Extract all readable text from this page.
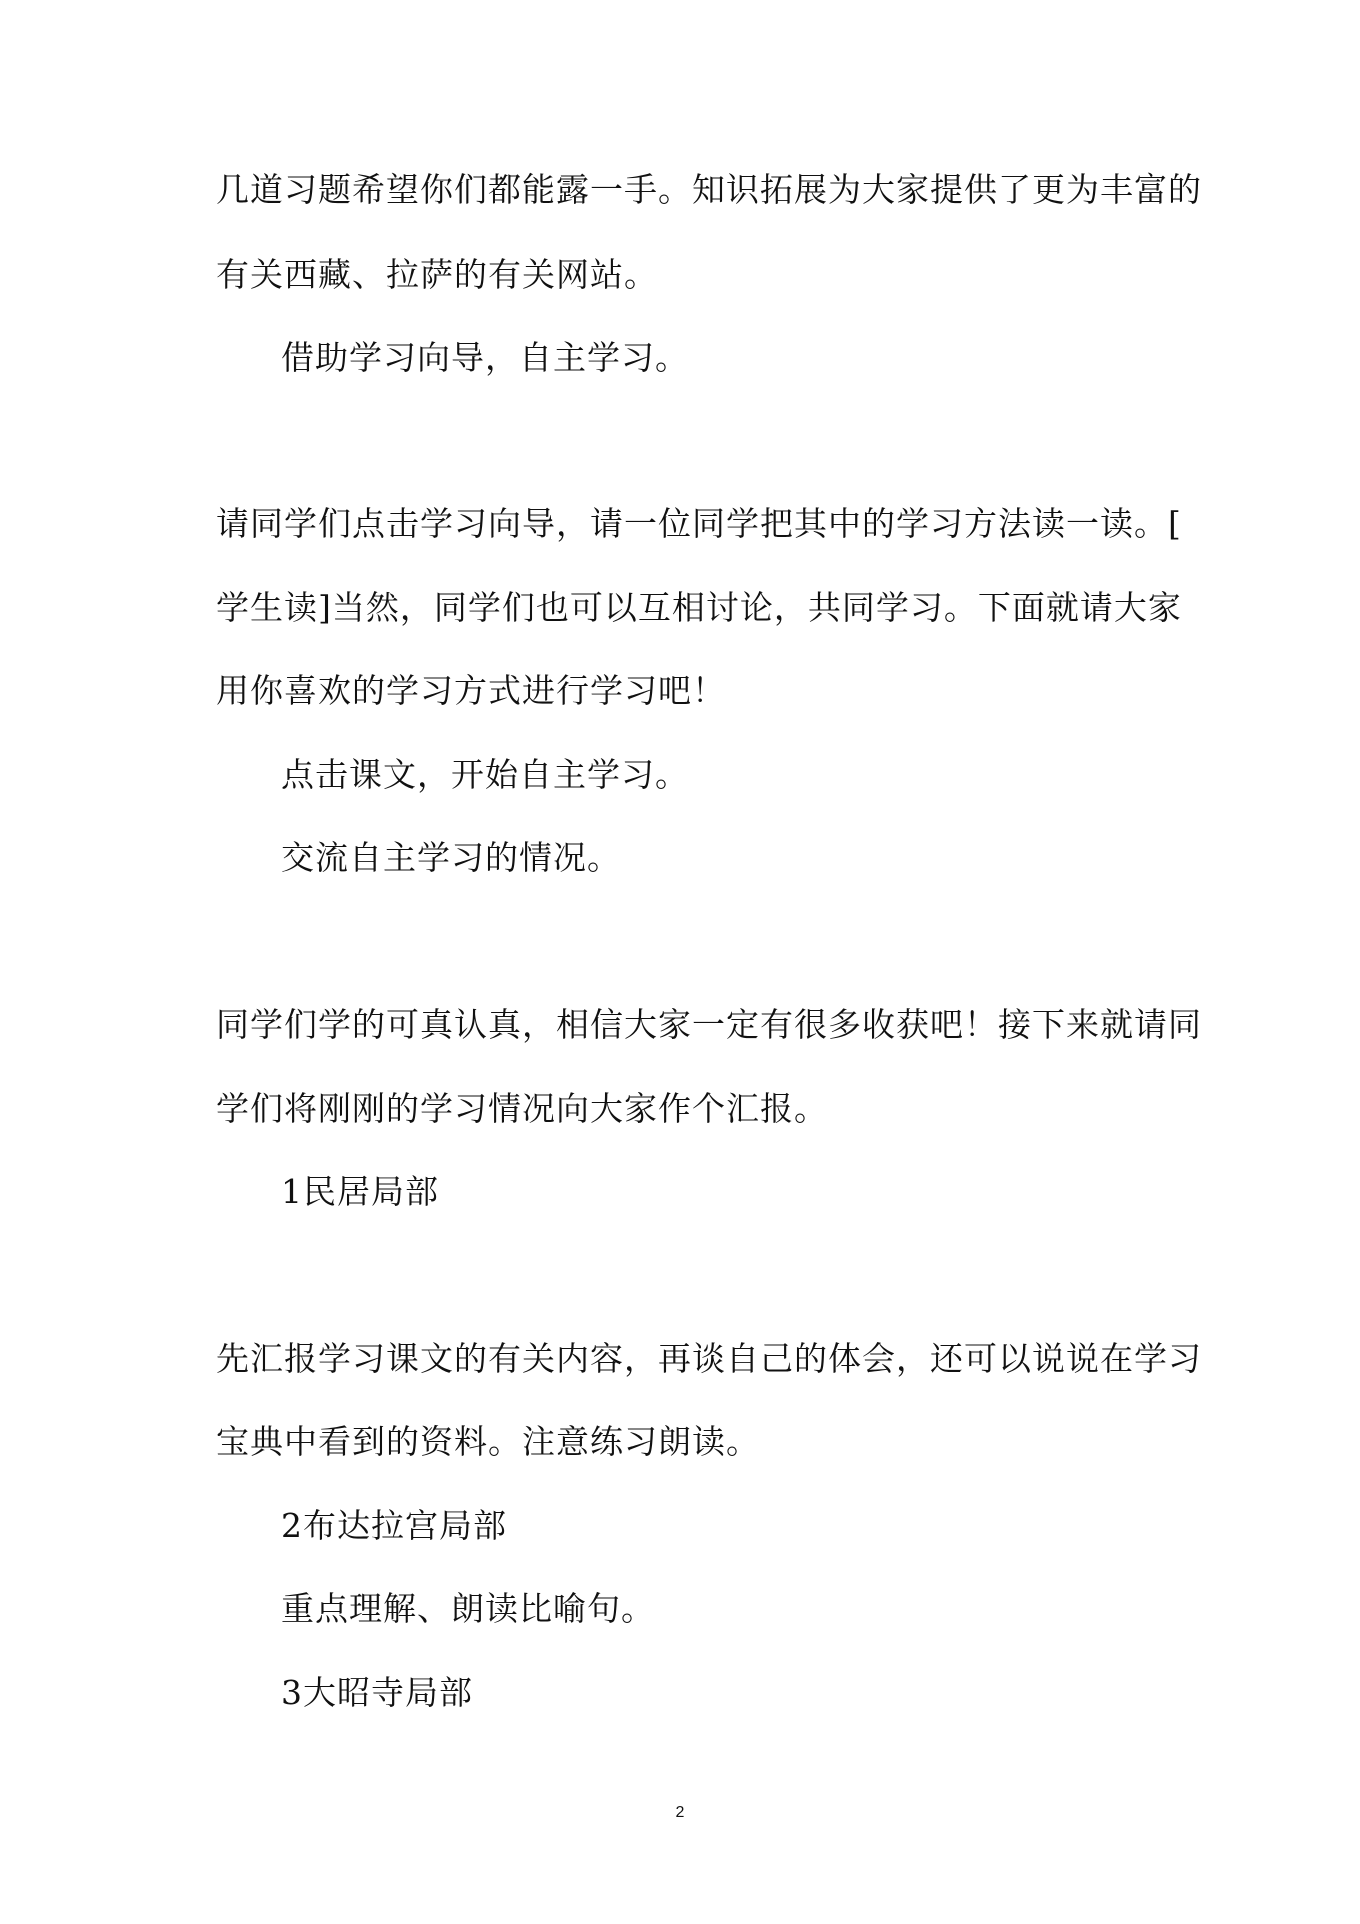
几道习题希望你们都能露一手。知识拓展为大家提供了更为丰富的
有关西藏、拉萨的有关网站。
借助学习向导，自主学习。
请同学们点击学习向导，请一位同学把其中的学习方法读一读。[
学生读]当然，同学们也可以互相讨论，共同学习。下面就请大家
用你喜欢的学习方式进行学习吧！
点击课文，开始自主学习。
交流自主学习的情况。
同学们学的可真认真，相信大家一定有很多收获吧！接下来就请同
学们将刚刚的学习情况向大家作个汇报。
1民居局部
先汇报学习课文的有关内容，再谈自己的体会，还可以说说在学习
宝典中看到的资料。注意练习朗读。
2布达拉宫局部
重点理解、朗读比喻句。
3大昭寺局部
2
